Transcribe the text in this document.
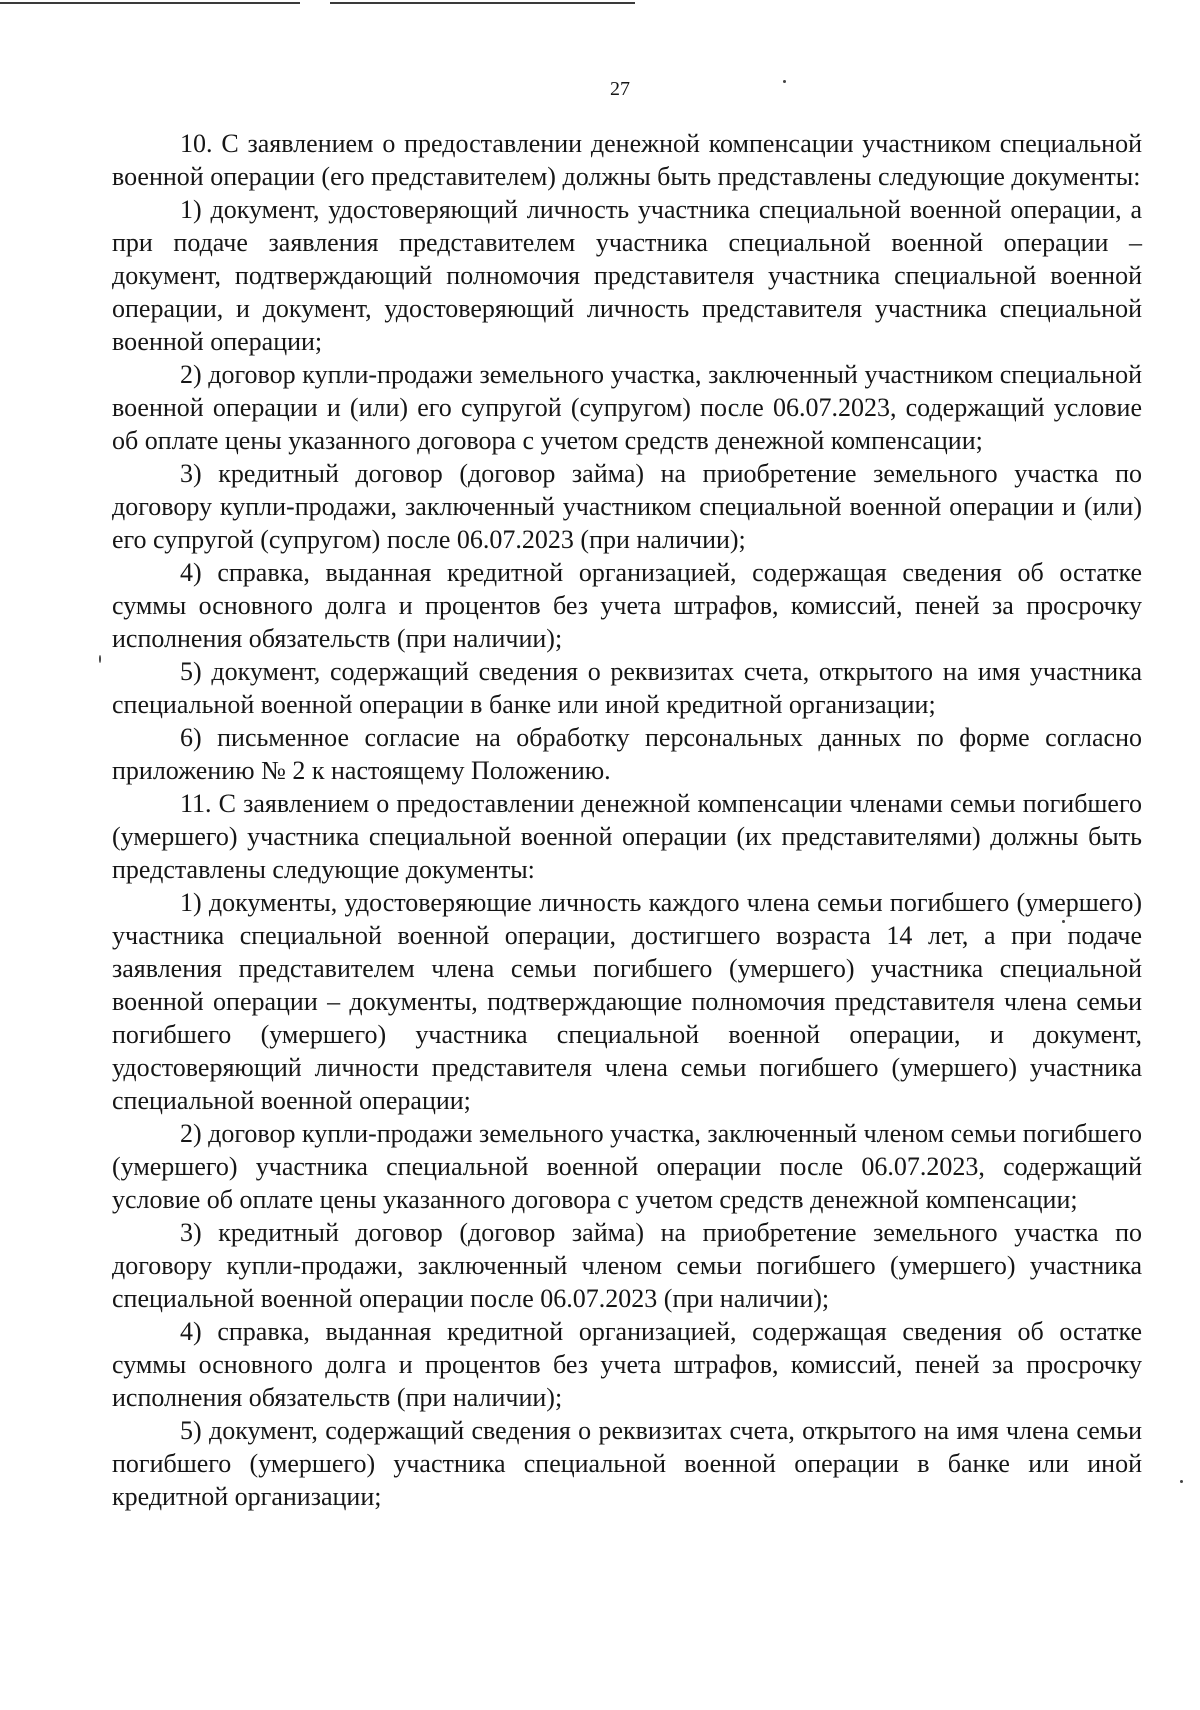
27

10. С заявлением о предоставлении денежной компенсации участником специальной военной операции (его представителем) должны быть представлены следующие документы:

1) документ, удостоверяющий личность участника специальной военной операции, а при подаче заявления представителем участника специальной военной операции – документ, подтверждающий полномочия представителя участника специальной военной операции, и документ, удостоверяющий личность представителя участника специальной военной операции;

2) договор купли-продажи земельного участка, заключенный участником специальной военной операции и (или) его супругой (супругом) после 06.07.2023, содержащий условие об оплате цены указанного договора с учетом средств денежной компенсации;

3) кредитный договор (договор займа) на приобретение земельного участка по договору купли-продажи, заключенный участником специальной военной операции и (или) его супругой (супругом) после 06.07.2023 (при наличии);

4) справка, выданная кредитной организацией, содержащая сведения об остатке суммы основного долга и процентов без учета штрафов, комиссий, пеней за просрочку исполнения обязательств (при наличии);

5) документ, содержащий сведения о реквизитах счета, открытого на имя участника специальной военной операции в банке или иной кредитной организации;

6) письменное согласие на обработку персональных данных по форме согласно приложению № 2 к настоящему Положению.

11. С заявлением о предоставлении денежной компенсации членами семьи погибшего (умершего) участника специальной военной операции (их представителями) должны быть представлены следующие документы:

1) документы, удостоверяющие личность каждого члена семьи погибшего (умершего) участника специальной военной операции, достигшего возраста 14 лет, а при подаче заявления представителем члена семьи погибшего (умершего) участника специальной военной операции – документы, подтверждающие полномочия представителя члена семьи погибшего (умершего) участника специальной военной операции, и документ, удостоверяющий личности представителя члена семьи погибшего (умершего) участника специальной военной операции;

2) договор купли-продажи земельного участка, заключенный членом семьи погибшего (умершего) участника специальной военной операции после 06.07.2023, содержащий условие об оплате цены указанного договора с учетом средств денежной компенсации;

3) кредитный договор (договор займа) на приобретение земельного участка по договору купли-продажи, заключенный членом семьи погибшего (умершего) участника специальной военной операции после 06.07.2023 (при наличии);

4) справка, выданная кредитной организацией, содержащая сведения об остатке суммы основного долга и процентов без учета штрафов, комиссий, пеней за просрочку исполнения обязательств (при наличии);

5) документ, содержащий сведения о реквизитах счета, открытого на имя члена семьи погибшего (умершего) участника специальной военной операции в банке или иной кредитной организации;
